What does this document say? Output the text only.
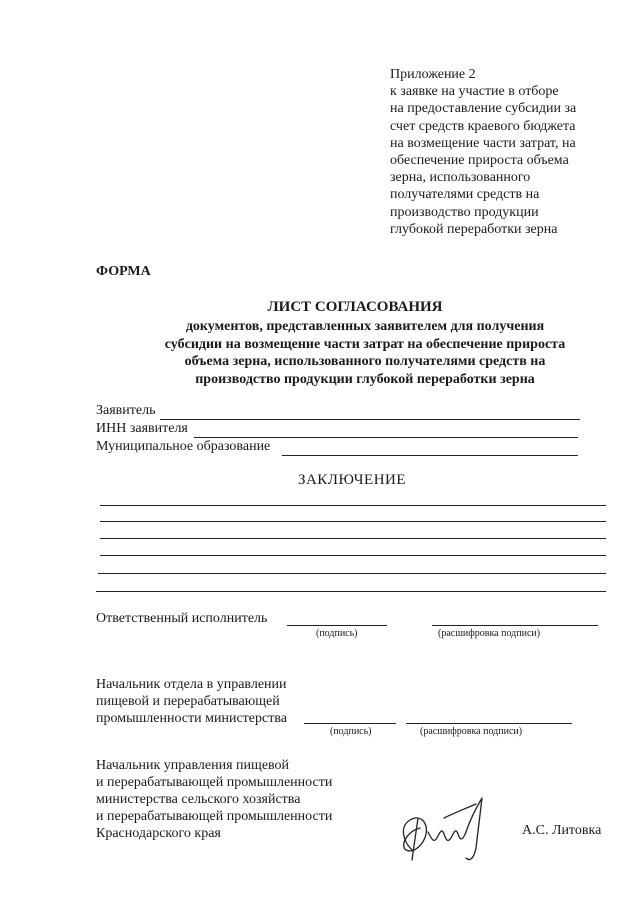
Приложение 2
к заявке на участие в отборе
на предоставление субсидии за
счет средств краевого бюджета
на возмещение части затрат, на
обеспечение прироста объема
зерна, использованного
получателями средств на
производство продукции
глубокой переработки зерна
ФОРМА
ЛИСТ СОГЛАСОВАНИЯ
документов, представленных заявителем для получения
субсидии на возмещение части затрат на обеспечение прироста
объема зерна, использованного получателями средств на
производство продукции глубокой переработки зерна
Заявитель
ИНН заявителя
Муниципальное образование
ЗАКЛЮЧЕНИЕ
Ответственный исполнитель
(подпись)	(расшифровка подписи)
Начальник отдела в управлении
пищевой и перерабатывающей
промышленности министерства
(подпись)	(расшифровка подписи)
Начальник управления пищевой
и перерабатывающей промышленности
министерства сельского хозяйства
и перерабатывающей промышленности
Краснодарского края	А.С. Литовка
